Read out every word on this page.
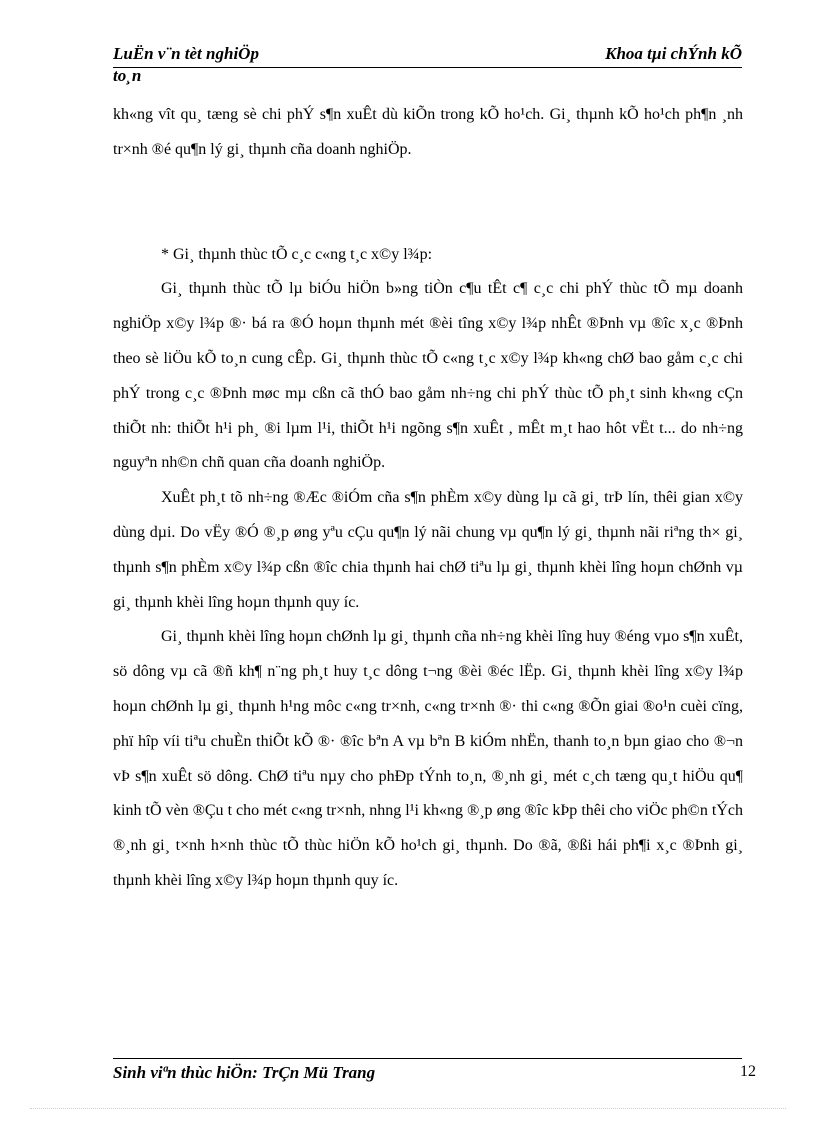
LuËn v¨n tèt nghiÖp	Khoa tµi chÝnh kÕ
to¸n

kh«ng vît qu¸ tæng sè chi phÝ s¶n xuÊt dù kiÕn trong kÕ ho¹ch. Gi¸ thµnh kÕ ho¹ch ph¶n ¸nh tr×nh ®é qu¶n lý gi¸ thµnh cña doanh nghiÖp.

* Gi¸ thµnh thùc tÕ c¸c c«ng t¸c x©y l¾p:

Gi¸ thµnh thùc tÕ lµ biÓu hiÖn b»ng tiÒn c¶u tÊt c¶ c¸c chi phÝ thùc tÕ mµ doanh nghiÖp x©y l¾p ®· bá ra ®Ó hoµn thµnh mét ®èi tîng x©y l¾p nhÊt ®Þnh vµ ®îc x¸c ®Þnh theo sè liÖu kÕ to¸n cung cÊp. Gi¸ thµnh thùc tÕ c«ng t¸c x©y l¾p kh«ng chØ bao gåm c¸c chi phÝ trong c¸c ®Þnh møc mµ cßn cã thÓ bao gåm nh÷ng chi phÝ thùc tÕ ph¸t sinh kh«ng cÇn thiÕt nh: thiÕt h¹i ph¸ ®i lµm l¹i, thiÕt h¹i ngõng s¶n xuÊt , mÊt m¸t hao hôt vËt t... do nh÷ng nguyªn nh©n chñ quan cña doanh nghiÖp.

XuÊt ph¸t tõ nh÷ng ®Æc ®iÓm cña s¶n phÈm x©y dùng lµ cã gi¸ trÞ lín, thêi gian x©y dùng dµi. Do vËy ®Ó ®¸p øng yªu cÇu qu¶n lý nãi chung vµ qu¶n lý gi¸ thµnh nãi riªng th× gi¸ thµnh s¶n phÈm x©y l¾p cßn ®îc chia thµnh hai chØ tiªu lµ gi¸ thµnh khèi lîng hoµn chØnh vµ gi¸ thµnh khèi lîng hoµn thµnh quy íc.

Gi¸ thµnh khèi lîng hoµn chØnh lµ gi¸ thµnh cña nh÷ng khèi lîng huy ®éng vµo s¶n xuÊt, sö dông vµ cã ®ñ kh¶ n¨ng ph¸t huy t¸c dông t¬ng ®èi ®éc lËp. Gi¸ thµnh khèi lîng x©y l¾p hoµn chØnh lµ gi¸ thµnh h¹ng môc c«ng tr×nh, c«ng tr×nh ®· thi c«ng ®Õn giai ®o¹n cuèi cïng, phï hîp víi tiªu chuÈn thiÕt kÕ ®· ®îc bªn A vµ bªn B kiÓm nhËn, thanh to¸n bµn giao cho ®¬n vÞ s¶n xuÊt sö dông. ChØ tiªu nµy cho phÐp tÝnh to¸n, ®¸nh gi¸ mét c¸ch tæng qu¸t hiÖu qu¶ kinh tÕ vèn ®Çu t cho mét c«ng tr×nh, nhng l¹i kh«ng ®¸p øng ®îc kÞp thêi cho viÖc ph©n tÝch ®¸nh gi¸ t×nh h×nh thùc tÕ thùc hiÖn kÕ ho¹ch gi¸ thµnh. Do ®ã, ®ßi hái ph¶i x¸c ®Þnh gi¸ thµnh khèi lîng x©y l¾p hoµn thµnh quy íc.

Sinh viªn thùc hiÖn: TrÇn Mü Trang	12
